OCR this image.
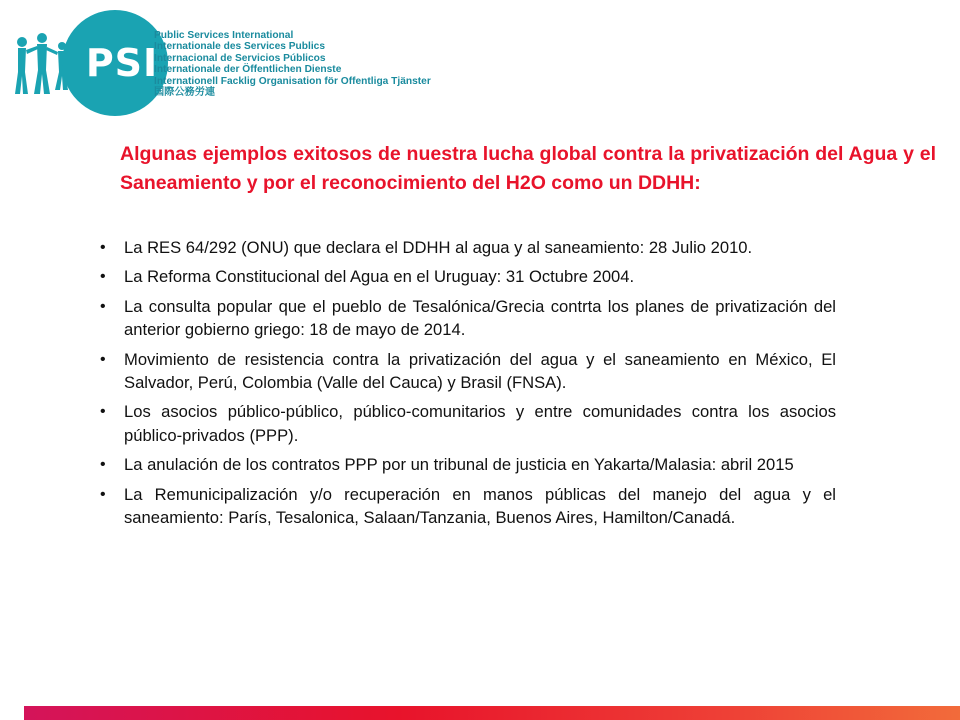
PSI
Public Services International
Internationale des Services Publics
Internacional de Servicios Públicos
Internationale der Öffentlichen Dienste
Internationell Facklig Organisation för Offentliga Tjänster
国際公務労連
Algunas ejemplos exitosos de nuestra lucha global contra la privatización del Agua y el Saneamiento y por el reconocimiento del H2O como un DDHH:
• La RES 64/292 (ONU) que declara el DDHH al agua y al saneamiento: 28 Julio 2010.
• La Reforma Constitucional del Agua en el Uruguay: 31 Octubre 2004.
• La consulta popular que el pueblo de Tesalónica/Grecia contrta los planes de privatización del anterior gobierno griego: 18 de mayo de 2014.
• Movimiento de resistencia contra la privatización del agua y el saneamiento en México, El Salvador, Perú, Colombia (Valle del Cauca) y Brasil (FNSA).
• Los asocios público-público, público-comunitarios y entre comunidades contra los asocios público-privados (PPP).
• La anulación de los contratos PPP por un tribunal de justicia en Yakarta/Malasia: abril 2015
• La Remunicipalización y/o recuperación en manos públicas del manejo del agua y el saneamiento: París, Tesalonica, Salaan/Tanzania, Buenos Aires, Hamilton/Canadá.
